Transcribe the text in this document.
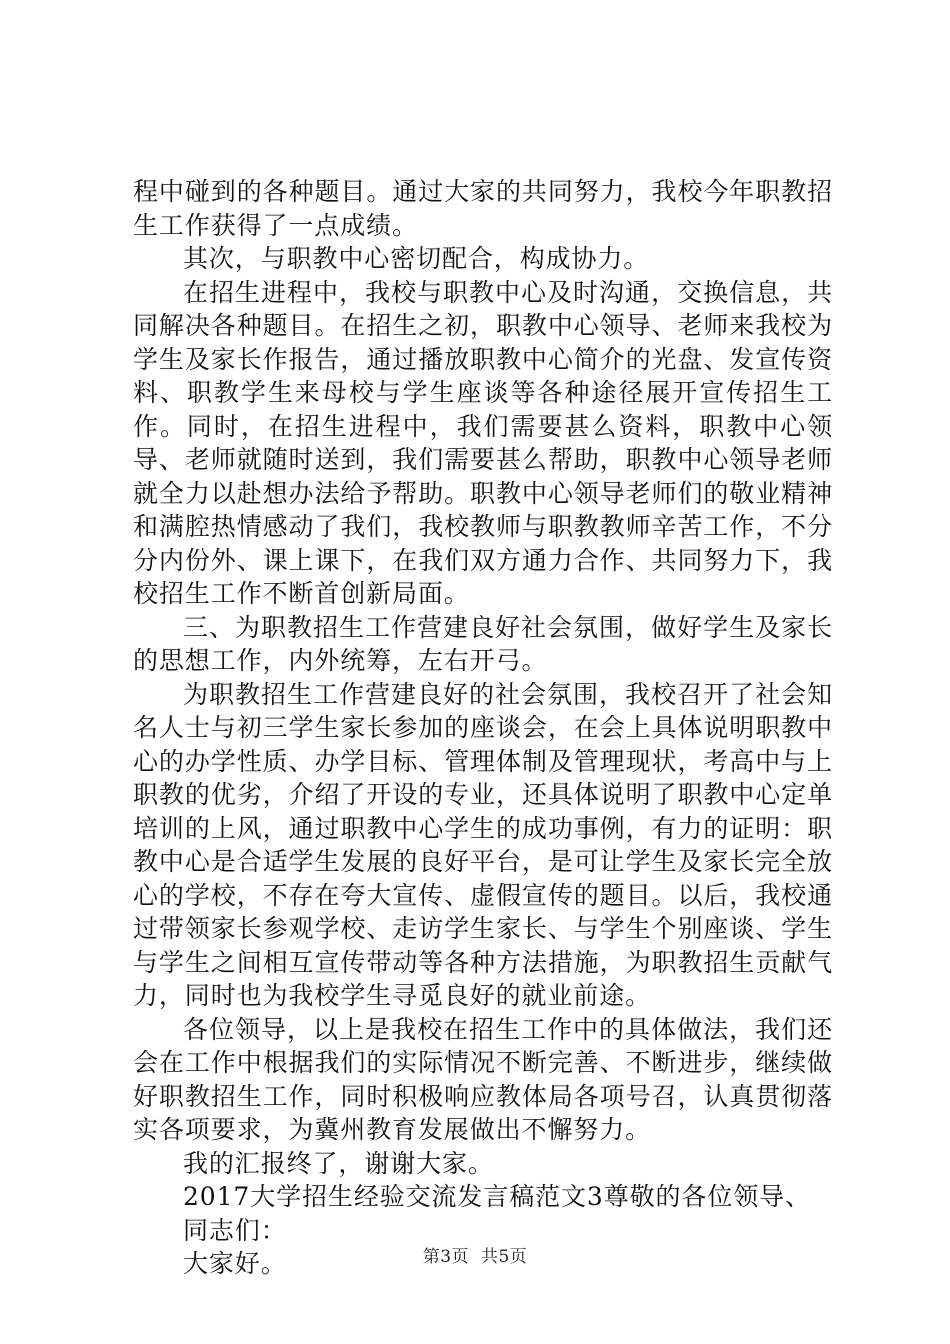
程中碰到的各种题目。通过大家的共同努力，我校今年职教招生工作获得了一点成绩。

其次，与职教中心密切配合，构成协力。

在招生进程中，我校与职教中心及时沟通，交换信息，共同解决各种题目。在招生之初，职教中心领导、老师来我校为学生及家长作报告，通过播放职教中心简介的光盘、发宣传资料、职教学生来母校与学生座谈等各种途径展开宣传招生工作。同时，在招生进程中，我们需要甚么资料，职教中心领导、老师就随时送到，我们需要甚么帮助，职教中心领导老师就全力以赴想办法给予帮助。职教中心领导老师们的敬业精神和满腔热情感动了我们，我校教师与职教教师辛苦工作，不分分内份外、课上课下，在我们双方通力合作、共同努力下，我校招生工作不断首创新局面。

三、为职教招生工作营建良好社会氛围，做好学生及家长的思想工作，内外统筹，左右开弓。

为职教招生工作营建良好的社会氛围，我校召开了社会知名人士与初三学生家长参加的座谈会，在会上具体说明职教中心的办学性质、办学目标、管理体制及管理现状，考高中与上职教的优劣，介绍了开设的专业，还具体说明了职教中心定单培训的上风，通过职教中心学生的成功事例，有力的证明：职教中心是合适学生发展的良好平台，是可让学生及家长完全放心的学校，不存在夸大宣传、虚假宣传的题目。以后，我校通过带领家长参观学校、走访学生家长、与学生个别座谈、学生与学生之间相互宣传带动等各种方法措施，为职教招生贡献气力，同时也为我校学生寻觅良好的就业前途。

各位领导，以上是我校在招生工作中的具体做法，我们还会在工作中根据我们的实际情况不断完善、不断进步，继续做好职教招生工作，同时积极响应教体局各项号召，认真贯彻落实各项要求，为冀州教育发展做出不懈努力。

我的汇报终了，谢谢大家。

2017大学招生经验交流发言稿范文3尊敬的各位领导、

同志们：

大家好。	第3页 共5页
